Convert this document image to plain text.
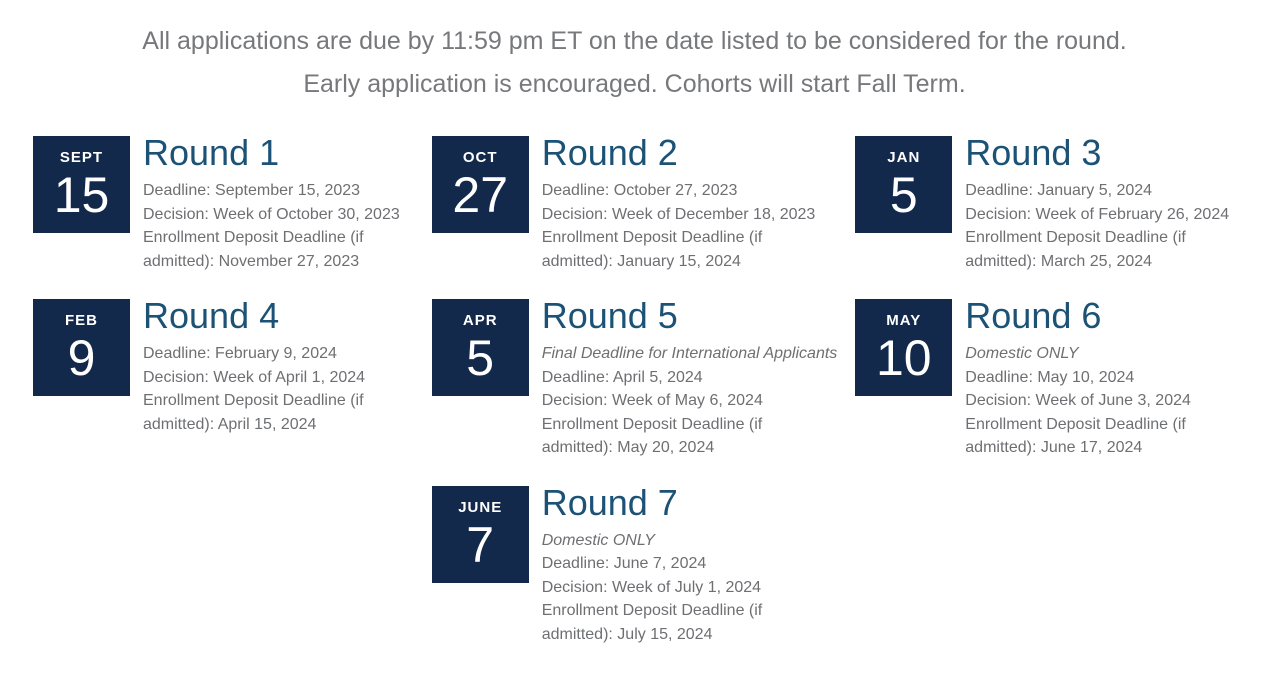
All applications are due by 11:59 pm ET on the date listed to be considered for the round.
Early application is encouraged. Cohorts will start Fall Term.
SEPT
15
Round 1
Deadline: September 15, 2023
Decision: Week of October 30, 2023
Enrollment Deposit Deadline (if admitted): November 27, 2023
OCT
27
Round 2
Deadline: October 27, 2023
Decision: Week of December 18, 2023
Enrollment Deposit Deadline (if admitted): January 15, 2024
JAN
5
Round 3
Deadline: January 5, 2024
Decision: Week of February 26, 2024
Enrollment Deposit Deadline (if admitted): March 25, 2024
FEB
9
Round 4
Deadline: February 9, 2024
Decision: Week of April 1, 2024
Enrollment Deposit Deadline (if admitted): April 15, 2024
APR
5
Round 5
Final Deadline for International Applicants
Deadline: April 5, 2024
Decision: Week of May 6, 2024
Enrollment Deposit Deadline (if admitted): May 20, 2024
MAY
10
Round 6
Domestic ONLY
Deadline: May 10, 2024
Decision: Week of June 3, 2024
Enrollment Deposit Deadline (if admitted): June 17, 2024
JUNE
7
Round 7
Domestic ONLY
Deadline: June 7, 2024
Decision: Week of July 1, 2024
Enrollment Deposit Deadline (if admitted): July 15, 2024
